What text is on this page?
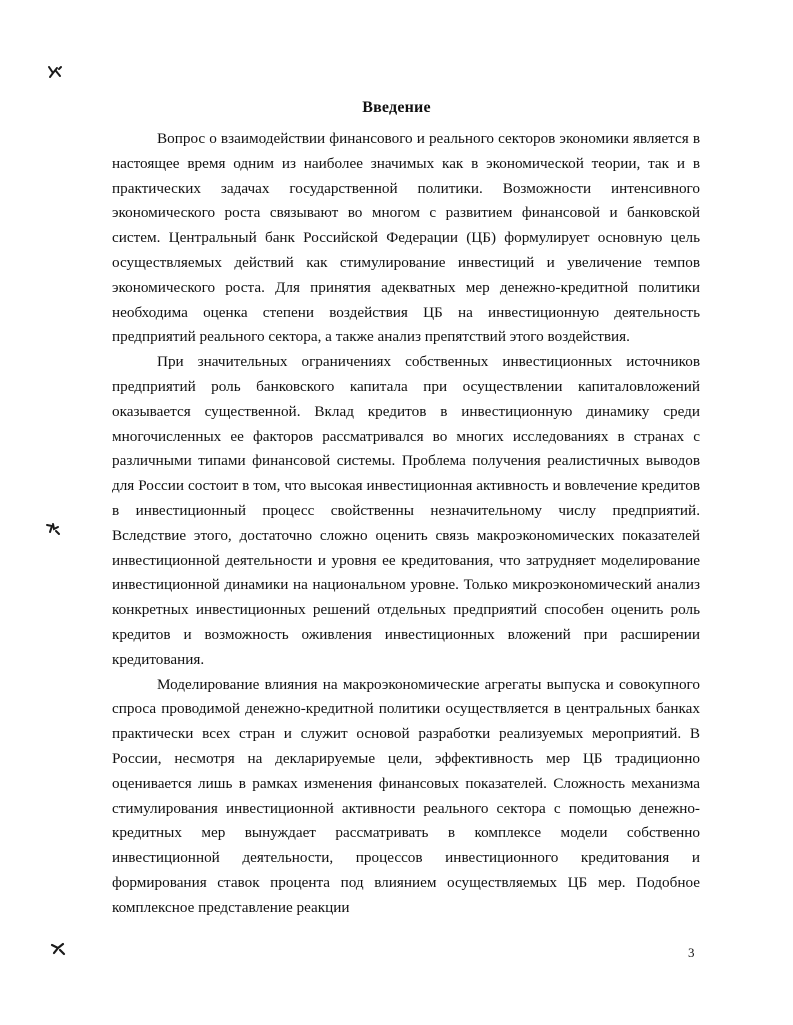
Введение

Вопрос о взаимодействии финансового и реального секторов экономики является в настоящее время одним из наиболее значимых как в экономической теории, так и в практических задачах государственной политики. Возможности интенсивного экономического роста связывают во многом с развитием финансовой и банковской систем. Центральный банк Российской Федерации (ЦБ) формулирует основную цель осуществляемых действий как стимулирование инвестиций и увеличение темпов экономического роста. Для принятия адекватных мер денежно-кредитной политики необходима оценка степени воздействия ЦБ на инвестиционную деятельность предприятий реального сектора, а также анализ препятствий этого воздействия.

При значительных ограничениях собственных инвестиционных источников предприятий роль банковского капитала при осуществлении капиталовложений оказывается существенной. Вклад кредитов в инвестиционную динамику среди многочисленных ее факторов рассматривался во многих исследованиях в странах с различными типами финансовой системы. Проблема получения реалистичных выводов для России состоит в том, что высокая инвестиционная активность и вовлечение кредитов в инвестиционный процесс свойственны незначительному числу предприятий. Вследствие этого, достаточно сложно оценить связь макроэкономических показателей инвестиционной деятельности и уровня ее кредитования, что затрудняет моделирование инвестиционной динамики на национальном уровне. Только микроэкономический анализ конкретных инвестиционных решений отдельных предприятий способен оценить роль кредитов и возможность оживления инвестиционных вложений при расширении кредитования.

Моделирование влияния на макроэкономические агрегаты выпуска и совокупного спроса проводимой денежно-кредитной политики осуществляется в центральных банках практически всех стран и служит основой разработки реализуемых мероприятий. В России, несмотря на декларируемые цели, эффективность мер ЦБ традиционно оценивается лишь в рамках изменения финансовых показателей. Сложность механизма стимулирования инвестиционной активности реального сектора с помощью денежно-кредитных мер вынуждает рассматривать в комплексе модели собственно инвестиционной деятельности, процессов инвестиционного кредитования и формирования ставок процента под влиянием осуществляемых ЦБ мер. Подобное комплексное представление реакции

3
